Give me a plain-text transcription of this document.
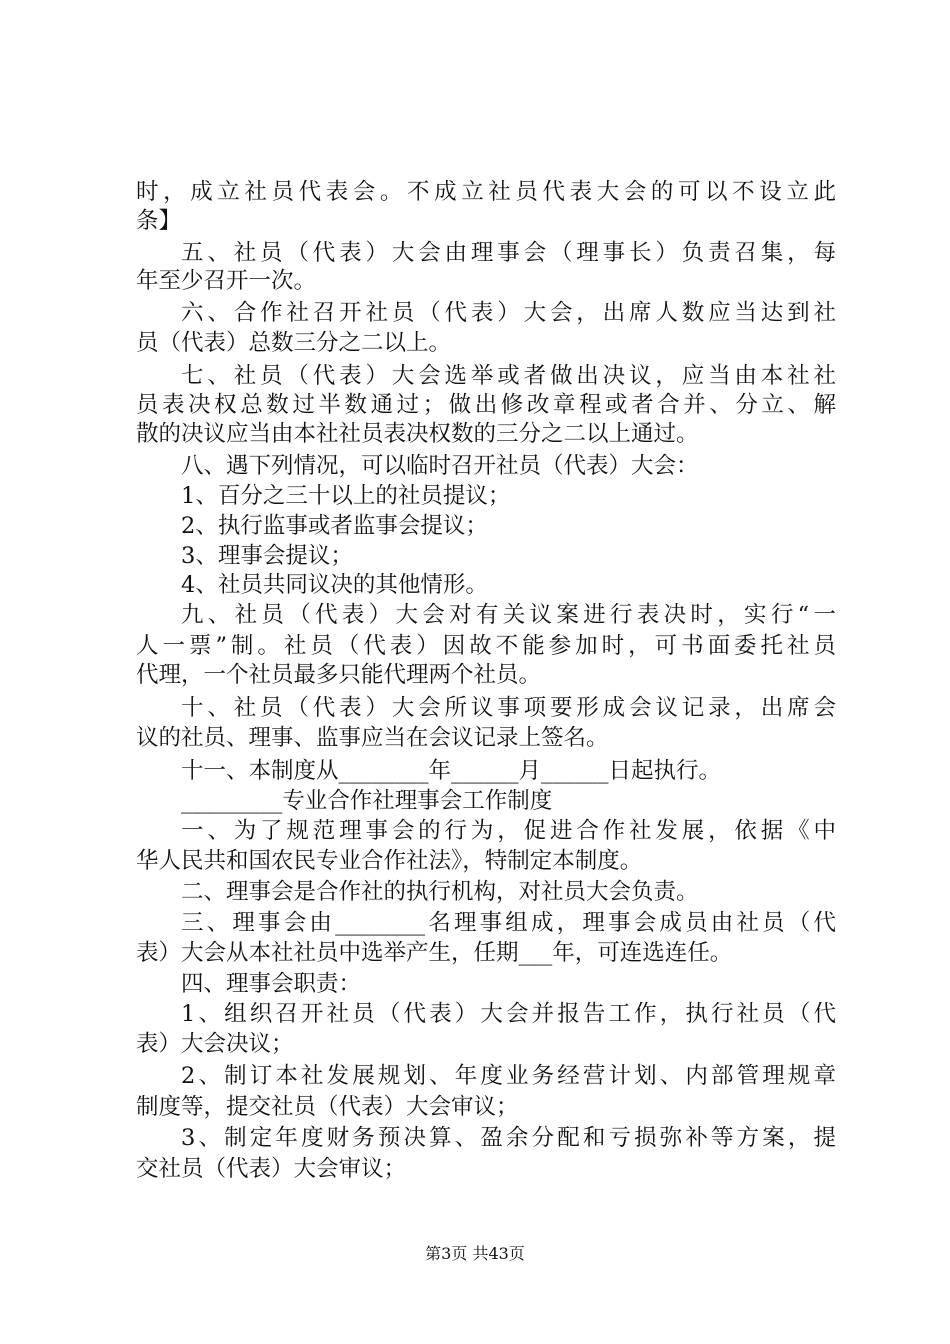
时，成立社员代表会。不成立社员代表大会的可以不设立此
条】
五、社员（代表）大会由理事会（理事长）负责召集，每
年至少召开一次。
六、合作社召开社员（代表）大会，出席人数应当达到社
员（代表）总数三分之二以上。
七、社员（代表）大会选举或者做出决议，应当由本社社
员表决权总数过半数通过；做出修改章程或者合并、分立、解
散的决议应当由本社社员表决权数的三分之二以上通过。
八、遇下列情况，可以临时召开社员（代表）大会：
1、百分之三十以上的社员提议；
2、执行监事或者监事会提议；
3、理事会提议；
4、社员共同议决的其他情形。
九、社员（代表）大会对有关议案进行表决时，实行“一
人一票”制。社员（代表）因故不能参加时，可书面委托社员
代理，一个社员最多只能代理两个社员。
十、社员（代表）大会所议事项要形成会议记录，出席会
议的社员、理事、监事应当在会议记录上签名。
十一、本制度从________年______月______日起执行。
_________专业合作社理事会工作制度
一、为了规范理事会的行为，促进合作社发展，依据《中
华人民共和国农民专业合作社法》，特制定本制度。
二、理事会是合作社的执行机构，对社员大会负责。
三、理事会由________名理事组成，理事会成员由社员（代
表）大会从本社社员中选举产生，任期___年，可连选连任。
四、理事会职责：
1、组织召开社员（代表）大会并报告工作，执行社员（代
表）大会决议；
2、制订本社发展规划、年度业务经营计划、内部管理规章
制度等，提交社员（代表）大会审议；
3、制定年度财务预决算、盈余分配和亏损弥补等方案，提
交社员（代表）大会审议；
第3页 共43页
